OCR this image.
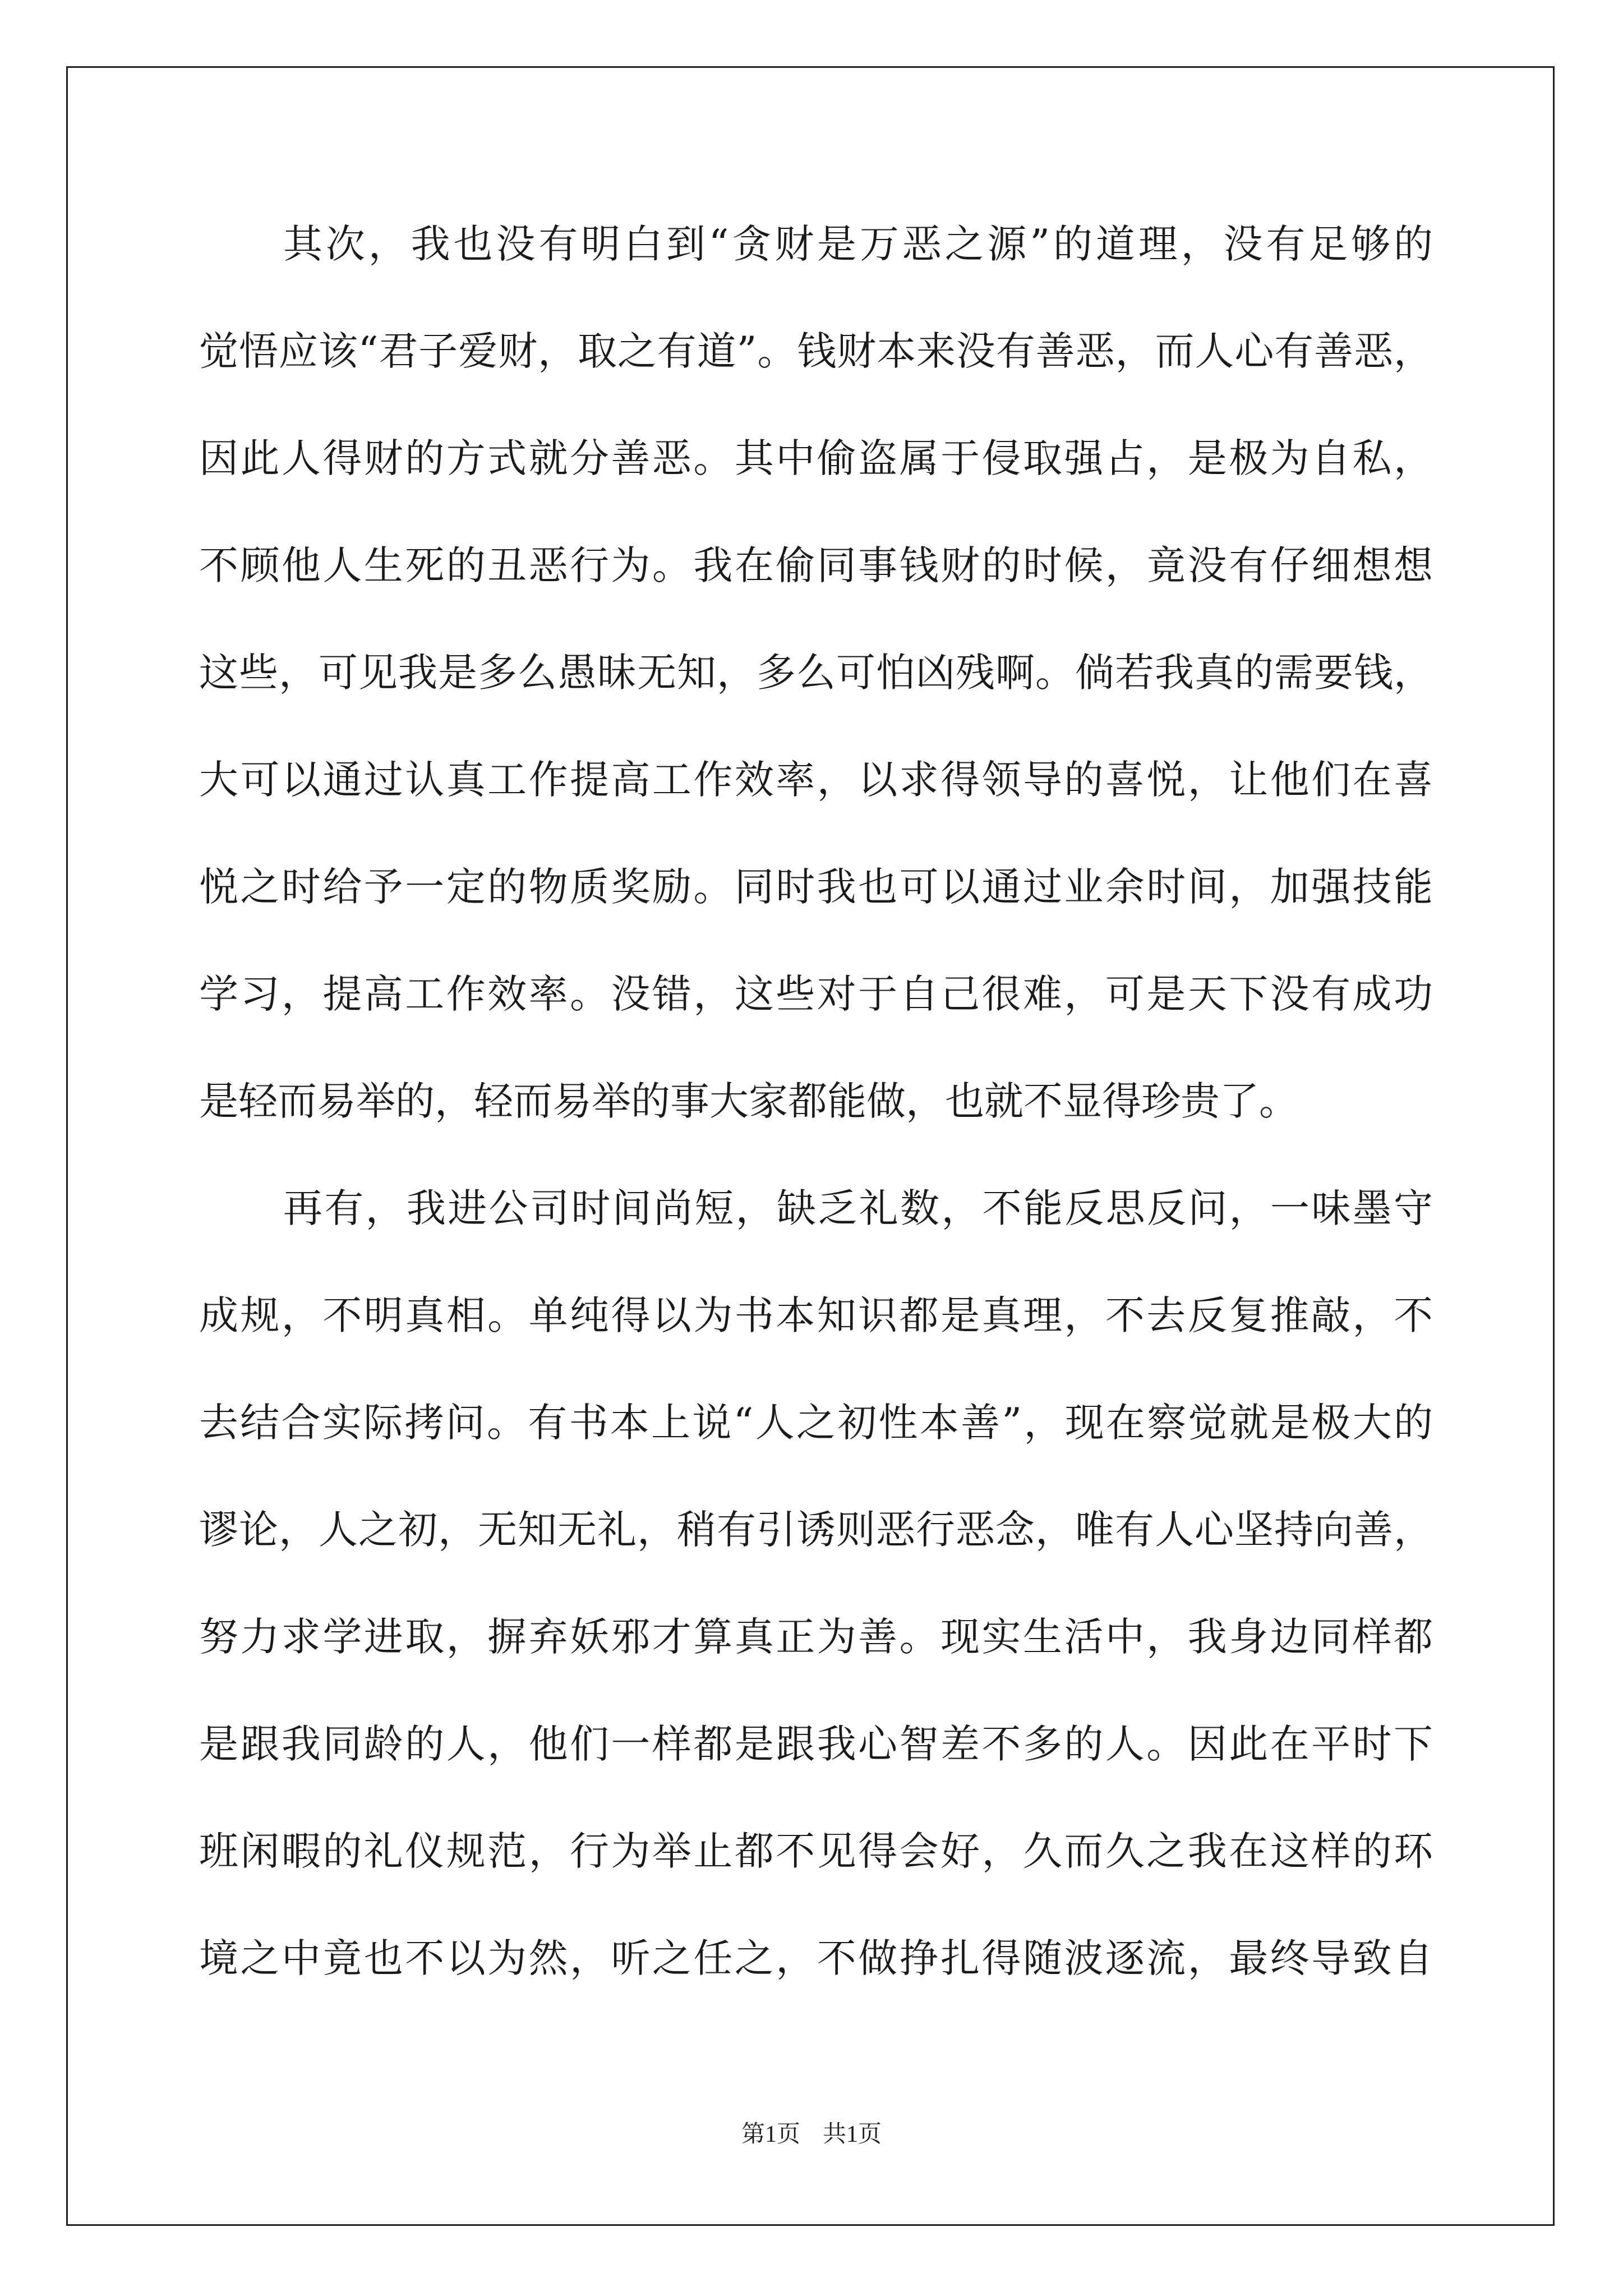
其次，我也没有明白到“贪财是万恶之源”的道理，没有足够的
觉悟应该“君子爱财，取之有道”。钱财本来没有善恶，而人心有善恶，
因此人得财的方式就分善恶。其中偷盗属于侵取强占，是极为自私，
不顾他人生死的丑恶行为。我在偷同事钱财的时候，竟没有仔细想想
这些，可见我是多么愚昧无知，多么可怕凶残啊。倘若我真的需要钱，
大可以通过认真工作提高工作效率，以求得领导的喜悦，让他们在喜
悦之时给予一定的物质奖励。同时我也可以通过业余时间，加强技能
学习，提高工作效率。没错，这些对于自己很难，可是天下没有成功
是轻而易举的，轻而易举的事大家都能做，也就不显得珍贵了。
再有，我进公司时间尚短，缺乏礼数，不能反思反问，一味墨守
成规，不明真相。单纯得以为书本知识都是真理，不去反复推敲，不
去结合实际拷问。有书本上说“人之初性本善”，现在察觉就是极大的
谬论，人之初，无知无礼，稍有引诱则恶行恶念，唯有人心坚持向善，
努力求学进取，摒弃妖邪才算真正为善。现实生活中，我身边同样都
是跟我同龄的人，他们一样都是跟我心智差不多的人。因此在平时下
班闲暇的礼仪规范，行为举止都不见得会好，久而久之我在这样的环
境之中竟也不以为然，听之任之，不做挣扎得随波逐流，最终导致自
第1页 共1页
